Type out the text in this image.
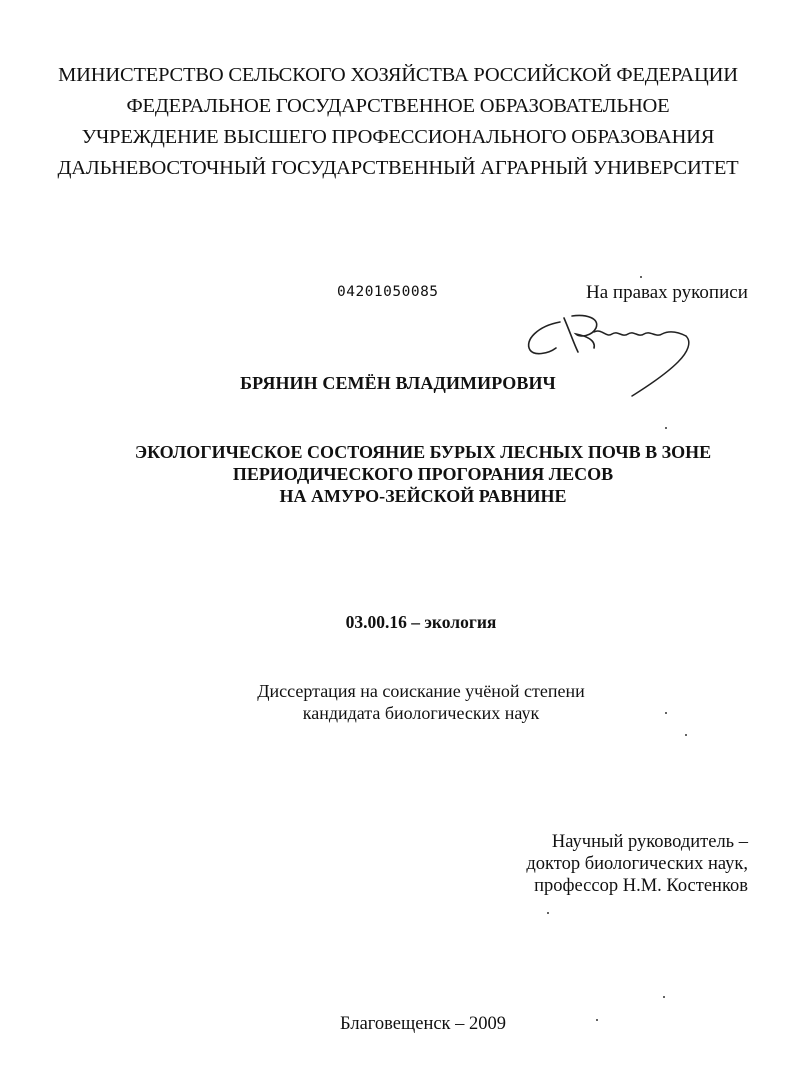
МИНИСТЕРСТВО СЕЛЬСКОГО ХОЗЯЙСТВА РОССИЙСКОЙ ФЕДЕРАЦИИ
ФЕДЕРАЛЬНОЕ ГОСУДАРСТВЕННОЕ ОБРАЗОВАТЕЛЬНОЕ
УЧРЕЖДЕНИЕ ВЫСШЕГО ПРОФЕССИОНАЛЬНОГО ОБРАЗОВАНИЯ
ДАЛЬНЕВОСТОЧНЫЙ ГОСУДАРСТВЕННЫЙ АГРАРНЫЙ УНИВЕРСИТЕТ
04201050085	На правах рукописи
БРЯНИН СЕМЁН ВЛАДИМИРОВИЧ
ЭКОЛОГИЧЕСКОЕ СОСТОЯНИЕ БУРЫХ ЛЕСНЫХ ПОЧВ В ЗОНЕ
ПЕРИОДИЧЕСКОГО ПРОГОРАНИЯ ЛЕСОВ
НА АМУРО-ЗЕЙСКОЙ РАВНИНЕ
03.00.16 – экология
Диссертация на соискание учёной степени
кандидата биологических наук
Научный руководитель –
доктор биологических наук,
профессор Н.М. Костенков
Благовещенск – 2009
